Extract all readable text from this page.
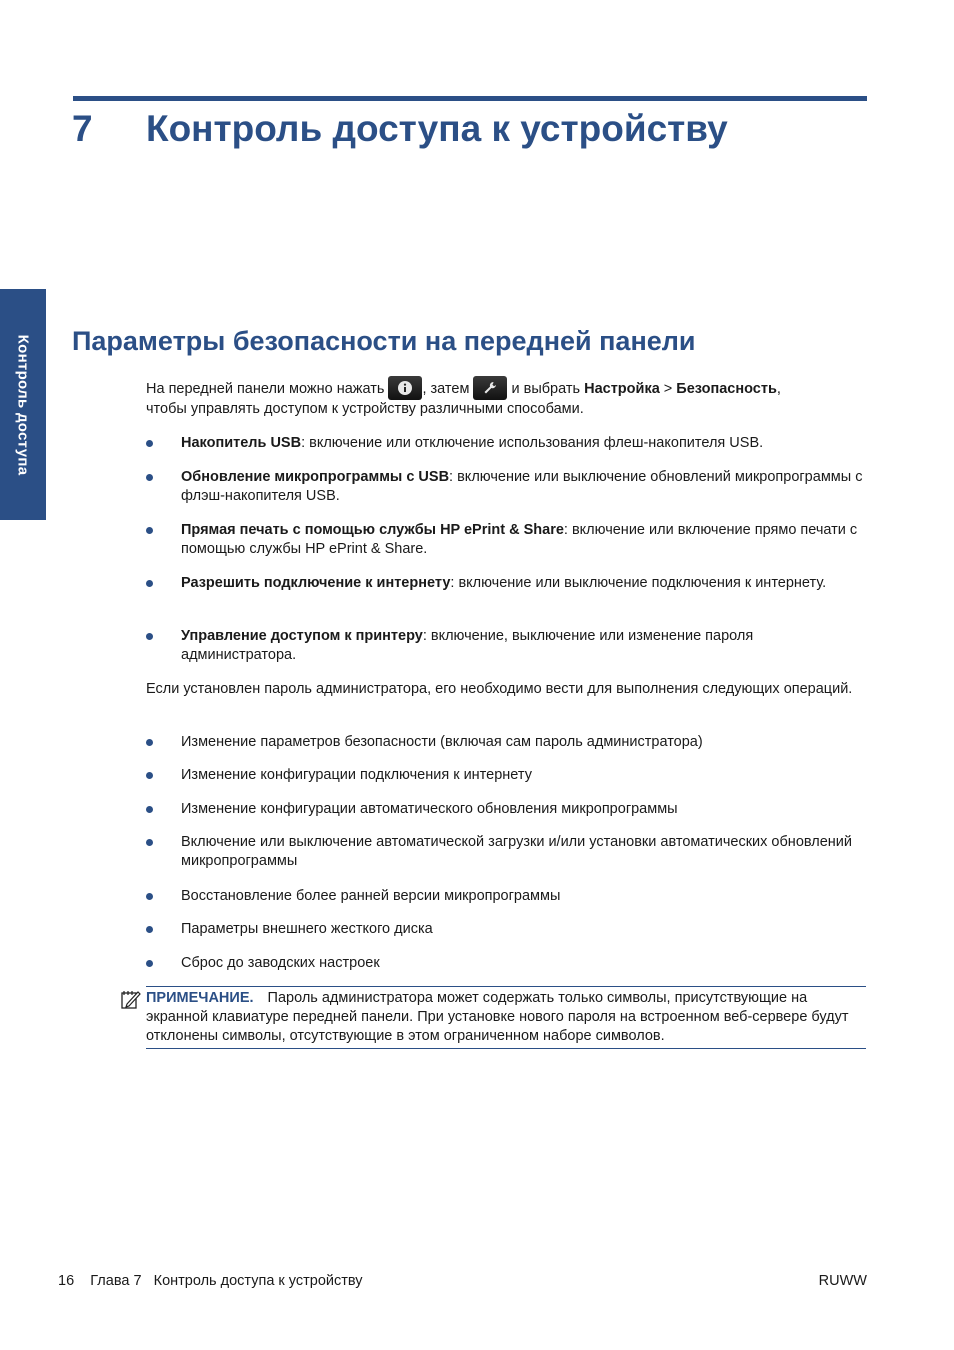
7 Контроль доступа к устройству
Контроль доступа Параметры безопасности на передней панели

На передней панели можно нажать	, затем	и выбрать Настройка > Безопасность,
чтобы управлять доступом к устройству различными способами.

Накопитель USB: включение или отключение использования флеш-накопителя USB.
Обновление микропрограммы с USB: включение или выключение обновлений микропрограммы с флэш-накопителя USB.
Прямая печать с помощью службы HP ePrint & Share: включение или включение прямо печати с помощью службы HP ePrint & Share.
Разрешить подключение к интернету: включение или выключение подключения к интернету.
Управление доступом к принтеру: включение, выключение или изменение пароля администратора.

Если установлен пароль администратора, его необходимо вести для выполнения следующих операций.

Изменение параметров безопасности (включая сам пароль администратора)
Изменение конфигурации подключения к интернету
Изменение конфигурации автоматического обновления микропрограммы
Включение или выключение автоматической загрузки и/или установки автоматических обновлений микропрограммы
Восстановление более ранней версии микропрограммы
Параметры внешнего жесткого диска
Сброс до заводских настроек
ПРИМЕЧАНИЕ. Пароль администратора может содержать только символы, присутствующие на экранной клавиатуре передней панели. При установке нового пароля на встроенном веб-сервере будут отклонены символы, отсутствующие в этом ограниченном наборе символов.
16 Глава 7 Контроль доступа к устройству	RUWW
